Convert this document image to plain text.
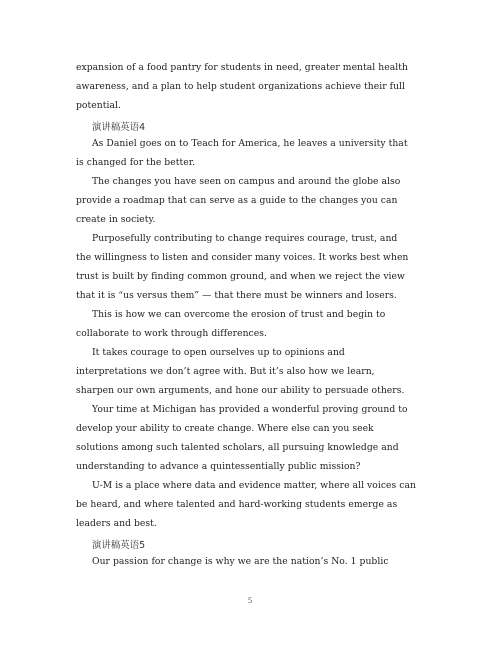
expansion of a food pantry for students in need, greater mental health
awareness, and a plan to help student organizations achieve their full
potential.
演讲稿英语4
As Daniel goes on to Teach for America, he leaves a university that
is changed for the better.
The changes you have seen on campus and around the globe also
provide a roadmap that can serve as a guide to the changes you can
create in society.
Purposefully contributing to change requires courage, trust, and
the willingness to listen and consider many voices. It works best when
trust is built by finding common ground, and when we reject the view
that it is “us versus them” — that there must be winners and losers.
This is how we can overcome the erosion of trust and begin to
collaborate to work through differences.
It takes courage to open ourselves up to opinions and
interpretations we don’t agree with. But it’s also how we learn,
sharpen our own arguments, and hone our ability to persuade others.
Your time at Michigan has provided a wonderful proving ground to
develop your ability to create change. Where else can you seek
solutions among such talented scholars, all pursuing knowledge and
understanding to advance a quintessentially public mission?
U-M is a place where data and evidence matter, where all voices can
be heard, and where talented and hard-working students emerge as
leaders and best.
演讲稿英语5
Our passion for change is why we are the nation’s No. 1 public
5
